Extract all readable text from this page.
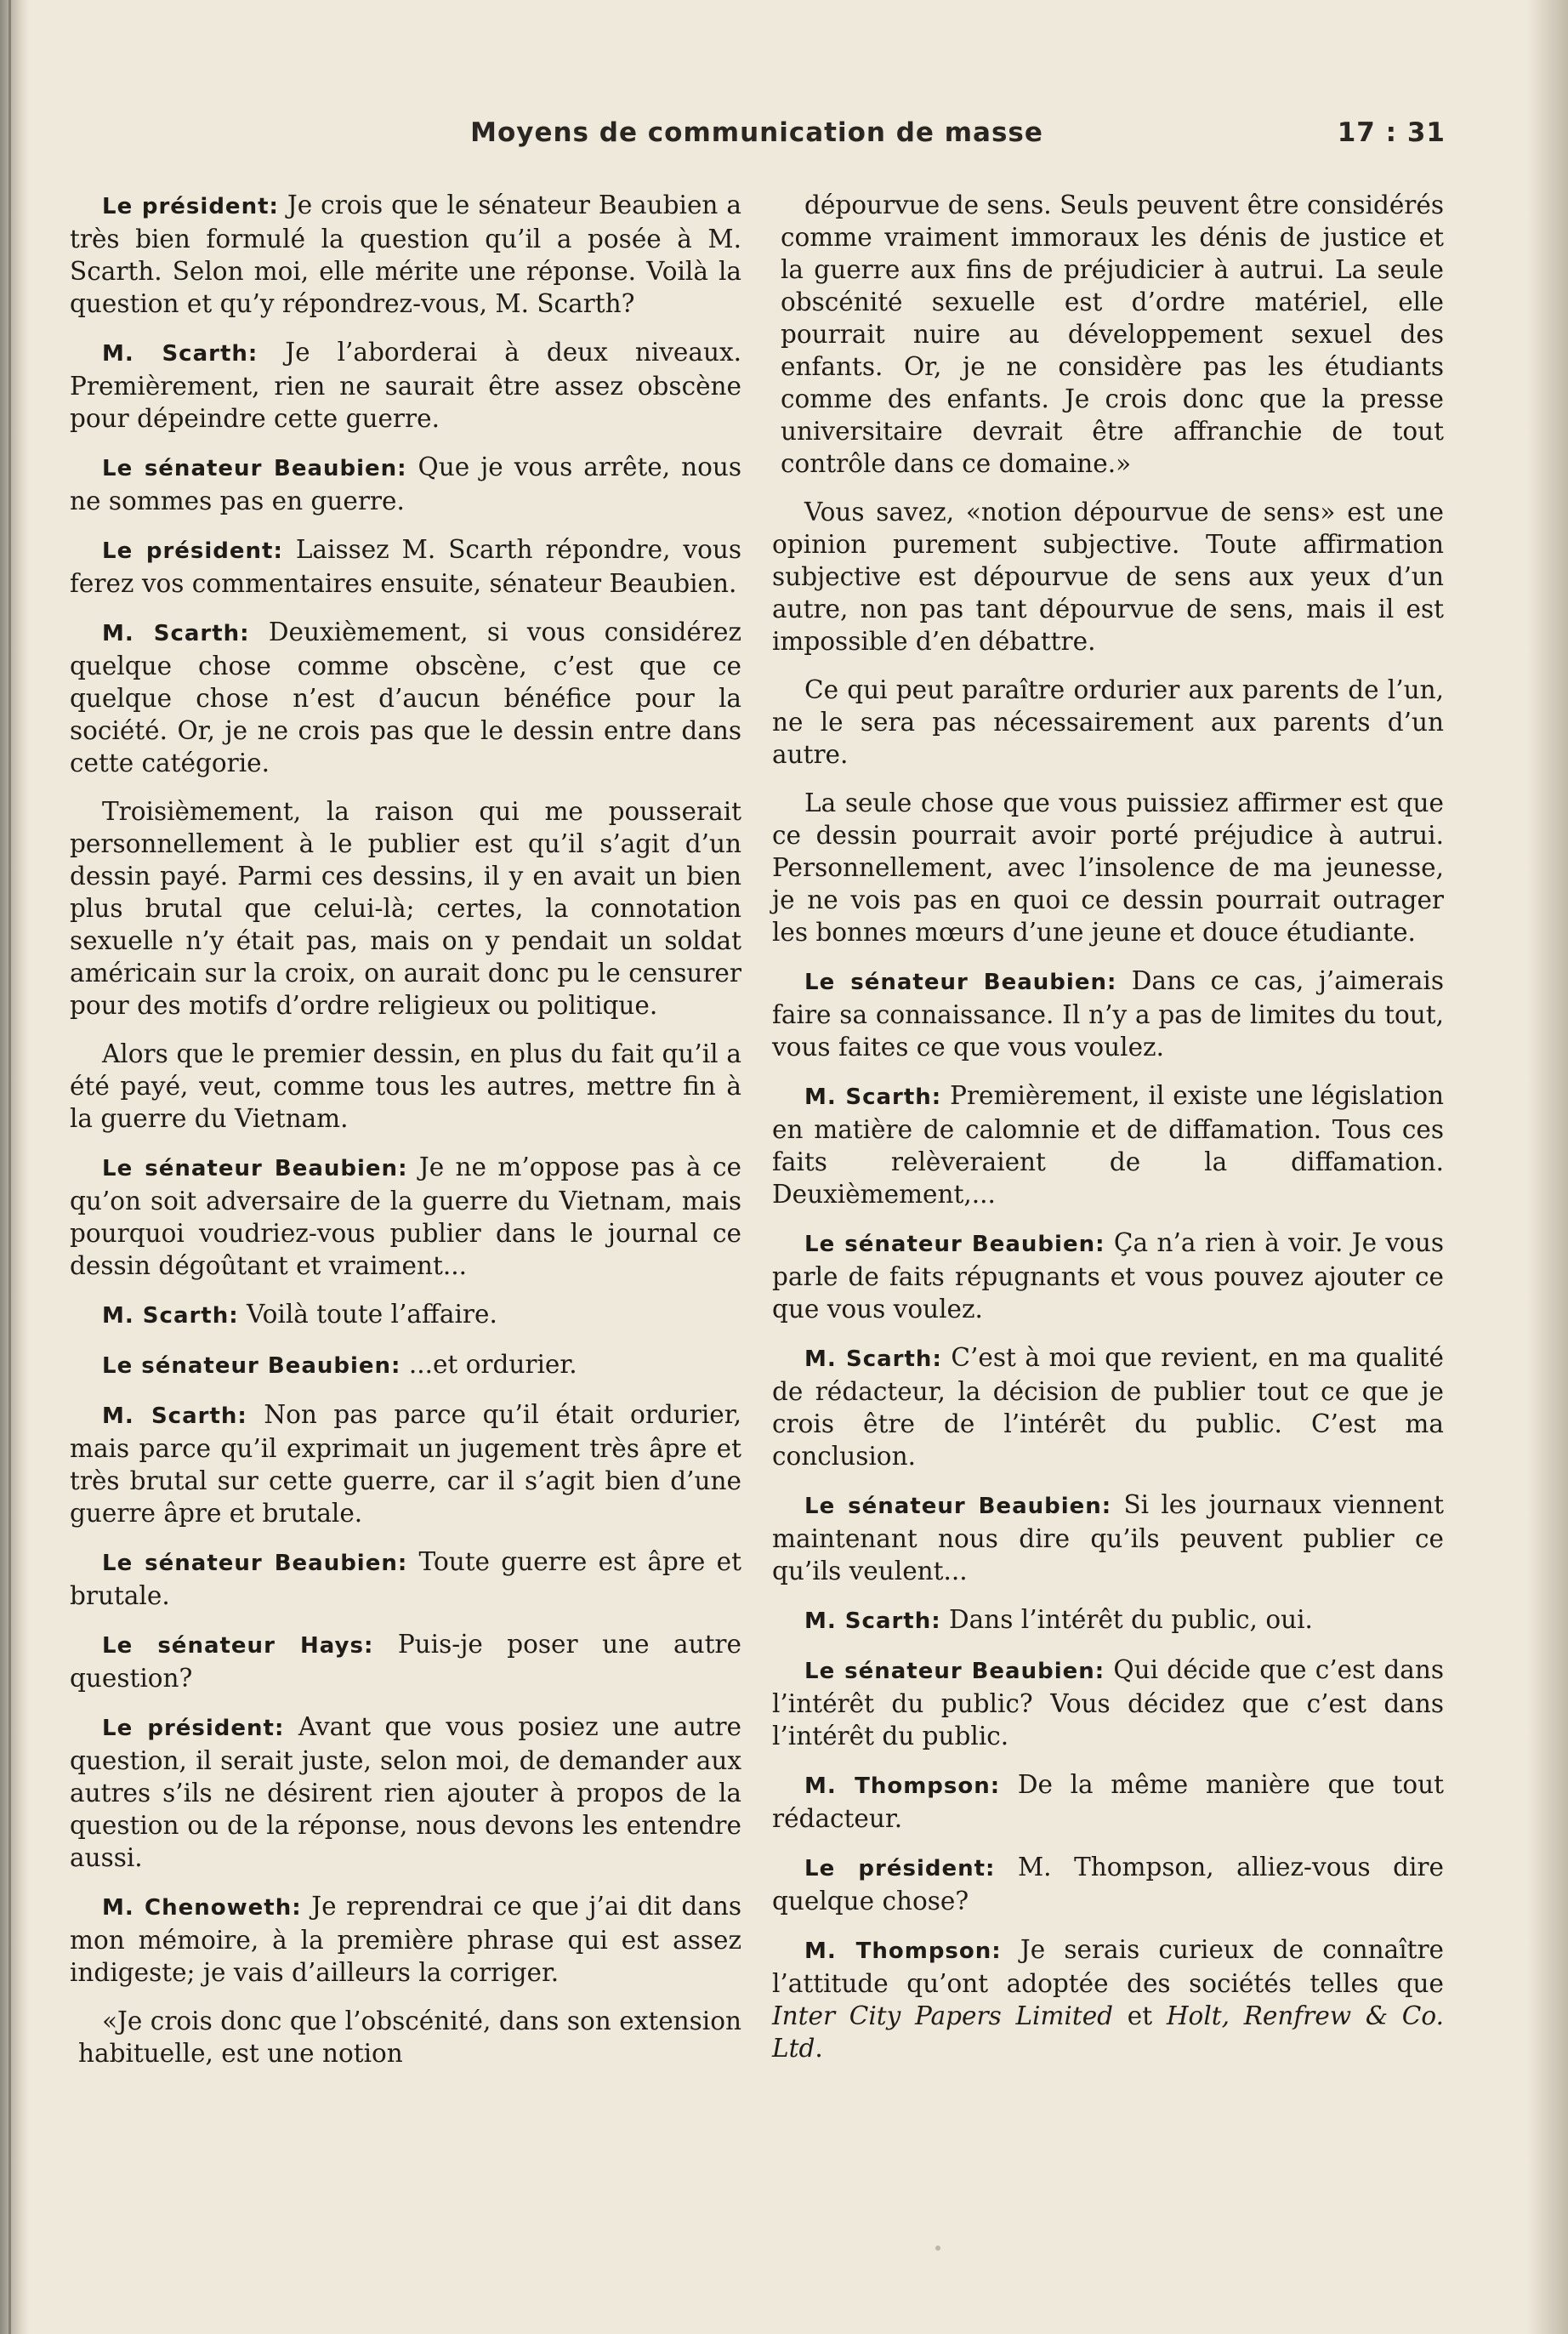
Moyens de communication de masse	17 : 31

Le président: Je crois que le sénateur Beaubien a très bien formulé la question qu’il a posée à M. Scarth. Selon moi, elle mérite une réponse. Voilà la question et qu’y répondrez-vous, M. Scarth?

M. Scarth: Je l’aborderai à deux niveaux. Premièrement, rien ne saurait être assez obscène pour dépeindre cette guerre.

Le sénateur Beaubien: Que je vous arrête, nous ne sommes pas en guerre.

Le président: Laissez M. Scarth répondre, vous ferez vos commentaires ensuite, sénateur Beaubien.

M. Scarth: Deuxièmement, si vous considérez quelque chose comme obscène, c’est que ce quelque chose n’est d’aucun bénéfice pour la société. Or, je ne crois pas que le dessin entre dans cette catégorie.

Troisièmement, la raison qui me pousserait personnellement à le publier est qu’il s’agit d’un dessin payé. Parmi ces dessins, il y en avait un bien plus brutal que celui-là; certes, la connotation sexuelle n’y était pas, mais on y pendait un soldat américain sur la croix, on aurait donc pu le censurer pour des motifs d’ordre religieux ou politique.

Alors que le premier dessin, en plus du fait qu’il a été payé, veut, comme tous les autres, mettre fin à la guerre du Vietnam.

Le sénateur Beaubien: Je ne m’oppose pas à ce qu’on soit adversaire de la guerre du Vietnam, mais pourquoi voudriez-vous publier dans le journal ce dessin dégoûtant et vraiment...

M. Scarth: Voilà toute l’affaire.

Le sénateur Beaubien: ...et ordurier.

M. Scarth: Non pas parce qu’il était ordurier, mais parce qu’il exprimait un jugement très âpre et très brutal sur cette guerre, car il s’agit bien d’une guerre âpre et brutale.

Le sénateur Beaubien: Toute guerre est âpre et brutale.

Le sénateur Hays: Puis-je poser une autre question?

Le président: Avant que vous posiez une autre question, il serait juste, selon moi, de demander aux autres s’ils ne désirent rien ajouter à propos de la question ou de la réponse, nous devons les entendre aussi.

M. Chenoweth: Je reprendrai ce que j’ai dit dans mon mémoire, à la première phrase qui est assez indigeste; je vais d’ailleurs la corriger.

«Je crois donc que l’obscénité, dans son extension habituelle, est une notion

dépourvue de sens. Seuls peuvent être considérés comme vraiment immoraux les dénis de justice et la guerre aux fins de préjudicier à autrui. La seule obscénité sexuelle est d’ordre matériel, elle pourrait nuire au développement sexuel des enfants. Or, je ne considère pas les étudiants comme des enfants. Je crois donc que la presse universitaire devrait être affranchie de tout contrôle dans ce domaine.»

Vous savez, «notion dépourvue de sens» est une opinion purement subjective. Toute affirmation subjective est dépourvue de sens aux yeux d’un autre, non pas tant dépourvue de sens, mais il est impossible d’en débattre.

Ce qui peut paraître ordurier aux parents de l’un, ne le sera pas nécessairement aux parents d’un autre.

La seule chose que vous puissiez affirmer est que ce dessin pourrait avoir porté préjudice à autrui. Personnellement, avec l’insolence de ma jeunesse, je ne vois pas en quoi ce dessin pourrait outrager les bonnes mœurs d’une jeune et douce étudiante.

Le sénateur Beaubien: Dans ce cas, j’aimerais faire sa connaissance. Il n’y a pas de limites du tout, vous faites ce que vous voulez.

M. Scarth: Premièrement, il existe une législation en matière de calomnie et de diffamation. Tous ces faits relèveraient de la diffamation. Deuxièmement,...

Le sénateur Beaubien: Ça n’a rien à voir. Je vous parle de faits répugnants et vous pouvez ajouter ce que vous voulez.

M. Scarth: C’est à moi que revient, en ma qualité de rédacteur, la décision de publier tout ce que je crois être de l’intérêt du public. C’est ma conclusion.

Le sénateur Beaubien: Si les journaux viennent maintenant nous dire qu’ils peuvent publier ce qu’ils veulent...

M. Scarth: Dans l’intérêt du public, oui.

Le sénateur Beaubien: Qui décide que c’est dans l’intérêt du public? Vous décidez que c’est dans l’intérêt du public.

M. Thompson: De la même manière que tout rédacteur.

Le président: M. Thompson, alliez-vous dire quelque chose?

M. Thompson: Je serais curieux de connaître l’attitude qu’ont adoptée des sociétés telles que Inter City Papers Limited et Holt, Renfrew & Co. Ltd.
